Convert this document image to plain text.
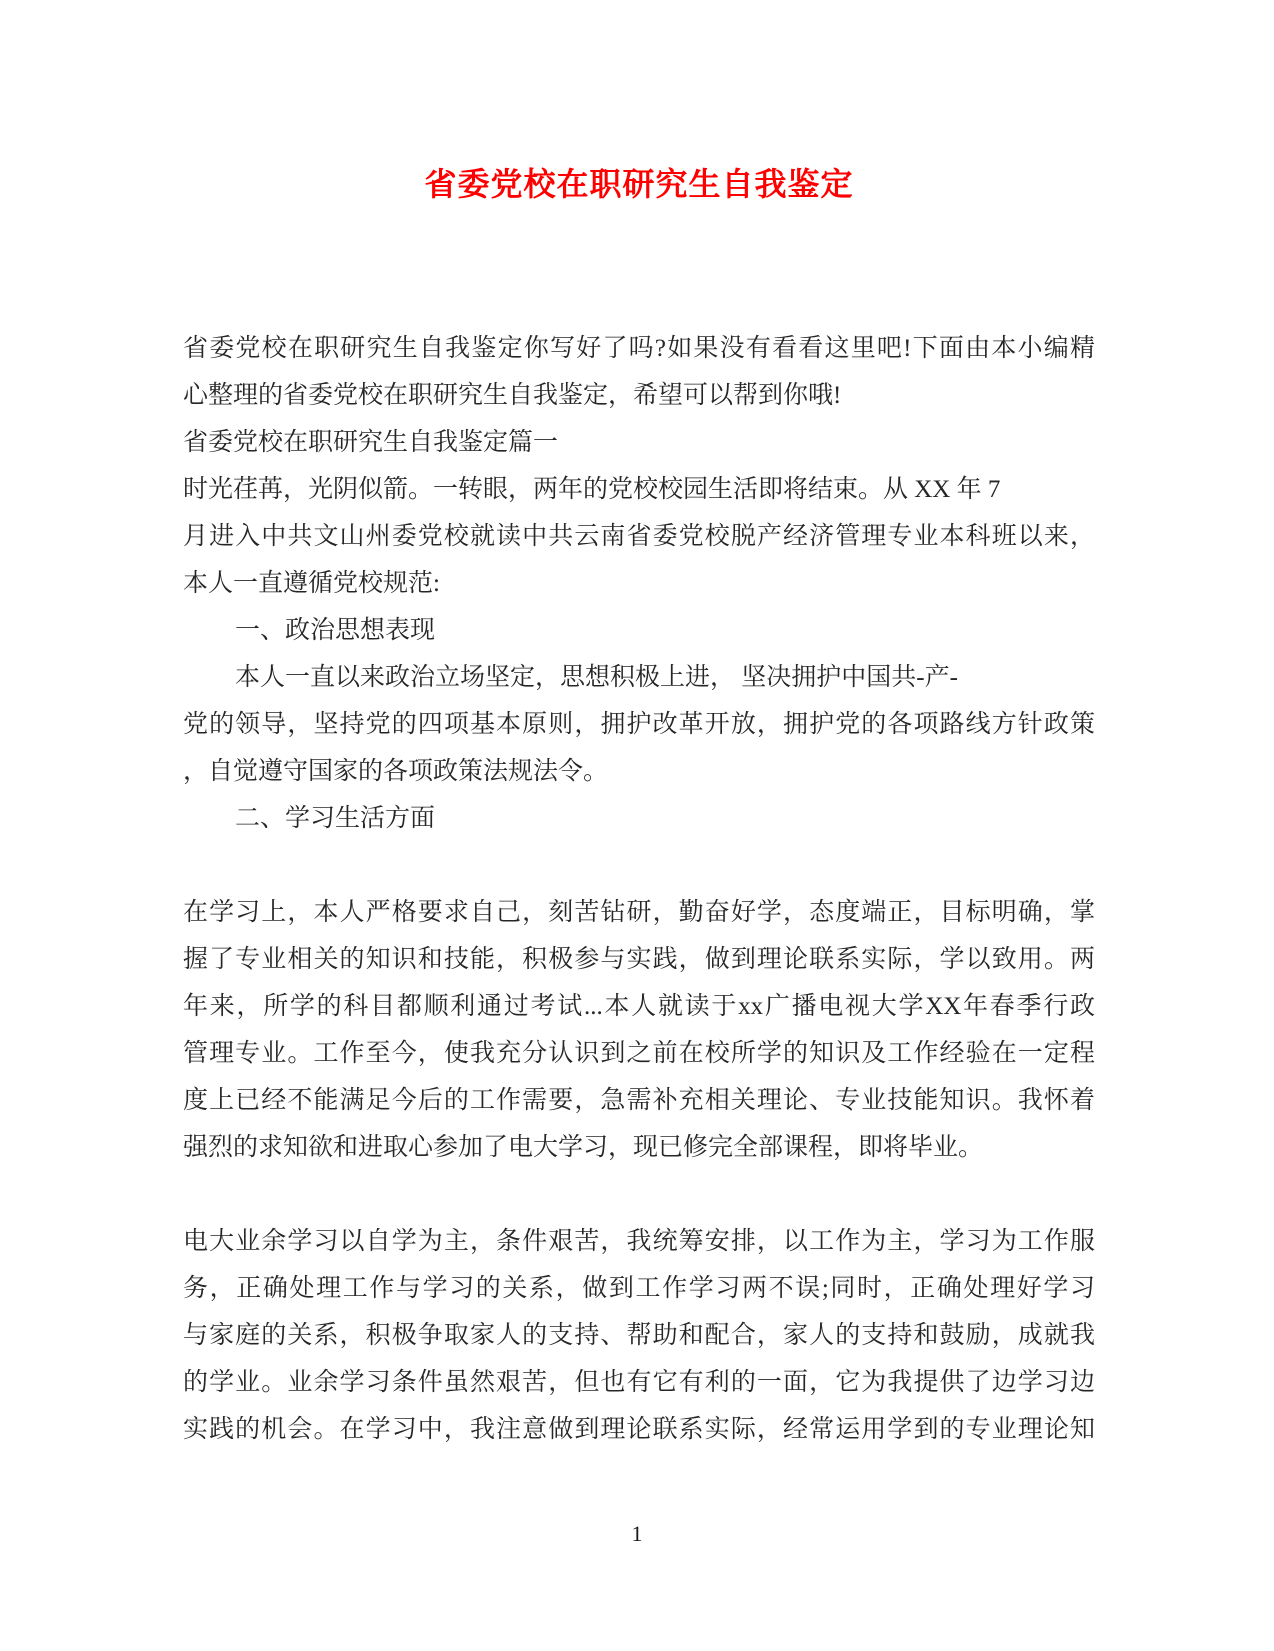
省委党校在职研究生自我鉴定
省委党校在职研究生自我鉴定你写好了吗?如果没有看看这里吧!下面由本小编精
心整理的省委党校在职研究生自我鉴定，希望可以帮到你哦!
省委党校在职研究生自我鉴定篇一
时光荏苒，光阴似箭。一转眼，两年的党校校园生活即将结束。从 XX 年 7
月进入中共文山州委党校就读中共云南省委党校脱产经济管理专业本科班以来，
本人一直遵循党校规范:
一、政治思想表现
本人一直以来政治立场坚定，思想积极上进， 坚决拥护中国共-产-
党的领导，坚持党的四项基本原则，拥护改革开放，拥护党的各项路线方针政策
，自觉遵守国家的各项政策法规法令。
二、学习生活方面
在学习上，本人严格要求自己，刻苦钻研，勤奋好学，态度端正，目标明确，掌
握了专业相关的知识和技能，积极参与实践，做到理论联系实际，学以致用。两
年来，所学的科目都顺利通过考试...本人就读于xx广播电视大学XX年春季行政
管理专业。工作至今，使我充分认识到之前在校所学的知识及工作经验在一定程
度上已经不能满足今后的工作需要，急需补充相关理论、专业技能知识。我怀着
强烈的求知欲和进取心参加了电大学习，现已修完全部课程，即将毕业。
电大业余学习以自学为主，条件艰苦，我统筹安排，以工作为主，学习为工作服
务，正确处理工作与学习的关系，做到工作学习两不误;同时，正确处理好学习
与家庭的关系，积极争取家人的支持、帮助和配合，家人的支持和鼓励，成就我
的学业。业余学习条件虽然艰苦，但也有它有利的一面，它为我提供了边学习边
实践的机会。在学习中，我注意做到理论联系实际，经常运用学到的专业理论知
1
